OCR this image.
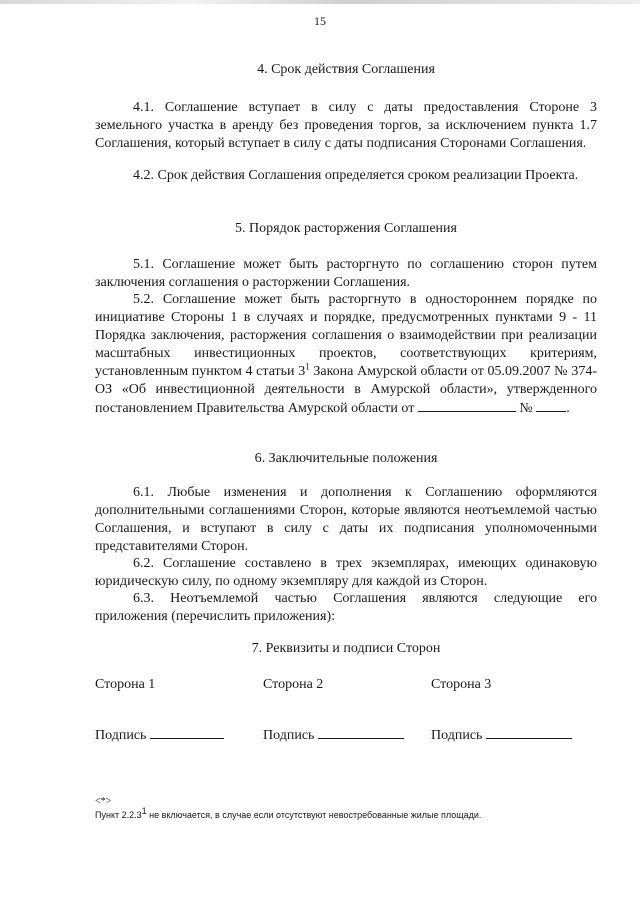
15
4. Срок действия Соглашения

4.1. Соглашение вступает в силу с даты предоставления Стороне 3 земельного участка в аренду без проведения торгов, за исключением пункта 1.7 Соглашения, который вступает в силу с даты подписания Сторонами Соглашения.

4.2. Срок действия Соглашения определяется сроком реализации Проекта.

5. Порядок расторжения Соглашения

5.1. Соглашение может быть расторгнуто по соглашению сторон путем заключения соглашения о расторжении Соглашения.

5.2. Соглашение может быть расторгнуто в одностороннем порядке по инициативе Стороны 1 в случаях и порядке, предусмотренных пунктами 9 - 11 Порядка заключения, расторжения соглашения о взаимодействии при реализации масштабных инвестиционных проектов, соответствующих критериям, установленным пунктом 4 статьи $3^1$ Закона Амурской области от 05.09.2007 № 374-ОЗ «Об инвестиционной деятельности в Амурской области», утвержденного постановлением Правительства Амурской области от	№ .

6. Заключительные положения

6.1. Любые изменения и дополнения к Соглашению оформляются дополнительными соглашениями Сторон, которые являются неотъемлемой частью Соглашения, и вступают в силу с даты их подписания уполномоченными представителями Сторон.

6.2. Соглашение составлено в трех экземплярах, имеющих одинаковую юридическую силу, по одному экземпляру для каждой из Сторон.

6.3. Неотъемлемой частью Соглашения являются следующие его приложения (перечислить приложения):

7. Реквизиты и подписи Сторон
Сторона 1	Сторона 2	Сторона 3
Подпись	Подпись	Подпись
<*>
Пункт 2.2.3$^1$ не включается, в случае если отсутствуют невостребованные жилые площади.
